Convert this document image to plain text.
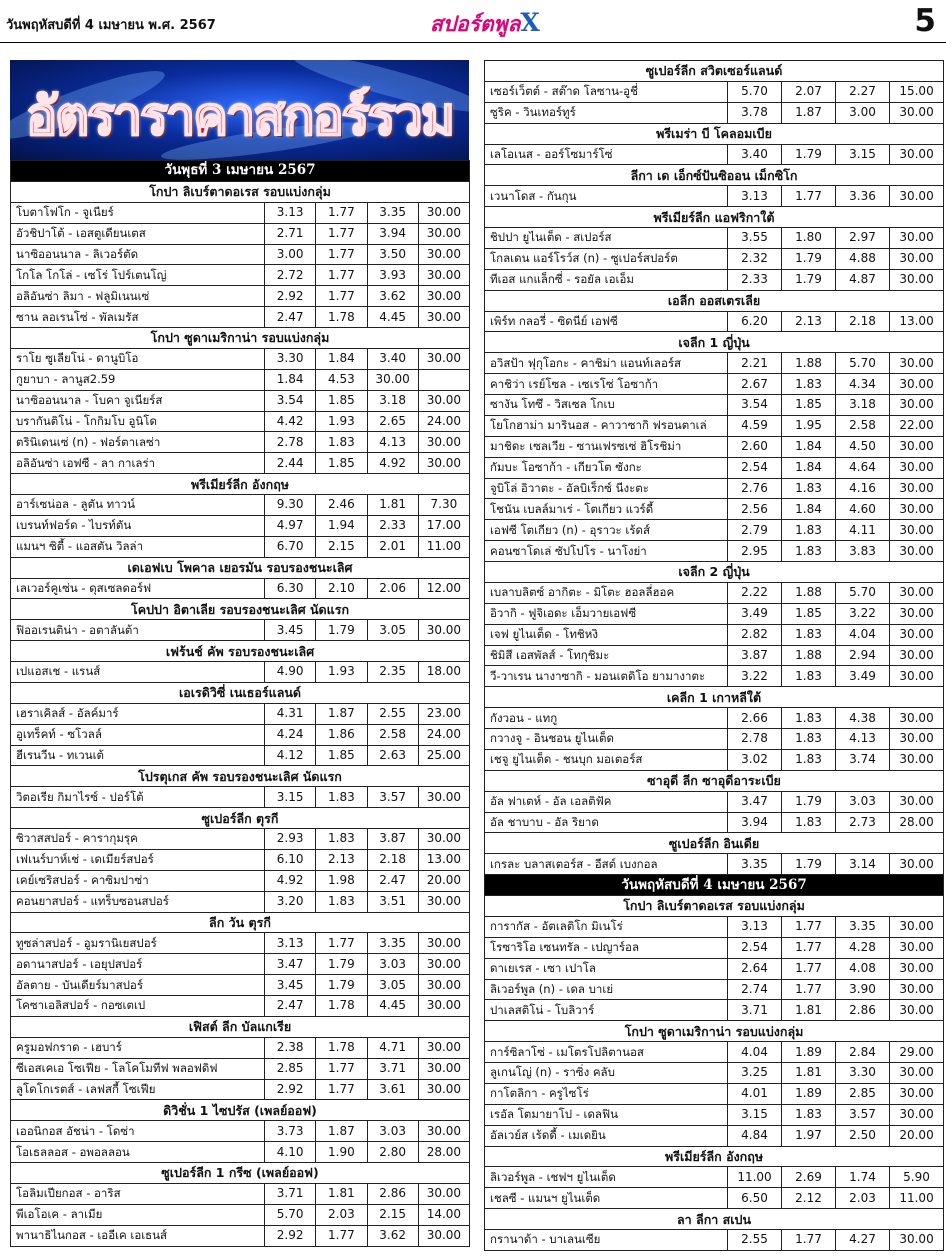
วันพฤหัสบดีที่ 4 เมษายน พ.ศ. 2567	สปอร์ตพูลX	5
อัตราราคาสกอร์รวม
วันพุธที่ 3 เมษายน 2567				
โกปา ลิเบร์ตาดอเรส รอบแบ่งกลุ่ม				
โบตาโฟโก - จูเนียร์	3.13	1.77	3.35	30.00
อัวชิปาโต้ - เอสตูเดียนเตส	2.71	1.77	3.94	30.00
นาซิออนนาล - ลิเวอร์ตัด	3.00	1.77	3.50	30.00
โกโล โกโล่ - เซโร่ โปร์เตนโญ่	2.72	1.77	3.93	30.00
อลิอันซ่า ลิมา - ฟลูมิเนนเซ่	2.92	1.77	3.62	30.00
ซาน ลอเรนโซ่ - พัลเมรัส	2.47	1.78	4.45	30.00
โกปา ซูดาเมริกาน่า รอบแบ่งกลุ่ม				
ราโย ซูเลียโน่ - ดานูบิโอ	3.30	1.84	3.40	30.00
กูยาบา - ลานูส2.59	1.84	4.53	30.00	
นาซิออนนาล - โบคา จูเนียร์ส	3.54	1.85	3.18	30.00
บรากันติโน่ - โกกิมโบ อูนิโด	4.42	1.93	2.65	24.00
ตรินิเดนเซ่ (n) - ฟอร์ตาเลซ่า	2.78	1.83	4.13	30.00
อลิอันซ่า เอฟซี - ลา กาเลร่า	2.44	1.85	4.92	30.00
พรีเมียร์ลีก อังกฤษ				
อาร์เซน่อล - ลูตัน ทาวน์	9.30	2.46	1.81	7.30
เบรนท์ฟอร์ด - ไบรท์ตัน	4.97	1.94	2.33	17.00
แมนฯ ซิตี้ - แอสตัน วิลล่า	6.70	2.15	2.01	11.00
เดเอฟเบ โพคาล เยอรมัน รอบรองชนะเลิศ				
เลเวอร์คูเซ่น - ดุสเซลดอร์ฟ	6.30	2.10	2.06	12.00
โคปปา อิตาเลีย รอบรองชนะเลิศ นัดแรก				
ฟิออเรนติน่า - อตาลันต้า	3.45	1.79	3.05	30.00
เฟร้นช์ คัพ รอบรองชนะเลิศ				
เปแอสเช - แรนส์	4.90	1.93	2.35	18.00
เอเรดิวิซี่ เนเธอร์แลนด์				
เฮราเคิลส์ - อัลค์มาร์	4.31	1.87	2.55	23.00
อูเทร็คท์ - ซโวลล์	4.24	1.86	2.58	24.00
ฮีเรนวีน - ทเวนเต้	4.12	1.85	2.63	25.00
โปรตุเกส คัพ รอบรองชนะเลิศ นัดแรก				
วิตอเรีย กิมาไรซ์ - ปอร์โต้	3.15	1.83	3.57	30.00
ซูเปอร์ลีก ตุรกี				
ซิวาสสปอร์ - คารากุมรุค	2.93	1.83	3.87	30.00
เฟเนร์บาห์เช่ - เดเมียร์สปอร์	6.10	2.13	2.18	13.00
เคย์เซริสปอร์ - คาซิมปาซ่า	4.92	1.98	2.47	20.00
คอนยาสปอร์ - แทร็บซอนสปอร์	3.20	1.83	3.51	30.00
ลีก วัน ตุรกี				
ทูซล่าสปอร์ - อูมรานิเยสปอร์	3.13	1.77	3.35	30.00
อดานาสปอร์ - เอยุปสปอร์	3.47	1.79	3.03	30.00
อัลตาย - บันเดียร์มาสปอร์	3.45	1.79	3.05	30.00
โคซาเอลิสปอร์ - กอซเตเป	2.47	1.78	4.45	30.00
เฟิสต์ ลีก บัลแกเรีย				
ครูมอฟกราด - เฮบาร์	2.38	1.78	4.71	30.00
ซีเอสเคเอ โซเฟีย - โลโคโมทีฟ พลอฟดิฟ	2.85	1.77	3.71	30.00
ลูโดโกเรตส์ - เลฟสกี้ โซเฟีย	2.92	1.77	3.61	30.00
ดิวิชั่น 1 ไซปรัส (เพลย์ออฟ)				
เออนิกอส อัชน่า - โดซ่า	3.73	1.87	3.03	30.00
โอเธลลอส - อพอลลอน	4.10	1.90	2.80	28.00
ซูเปอร์ลีก 1 กรีซ (เพลย์ออฟ)				
โอลิมเปียกอส - อาริส	3.71	1.81	2.86	30.00
พีเอโอเค - ลาเมีย	5.70	2.03	2.15	14.00
พานาธิไนกอส - เออีเค เอเธนส์	2.92	1.77	3.62	30.00
ซูเปอร์ลีก สวิตเซอร์แลนด์				
เซอร์เว็ตต์ - สต๊าด โลซาน-อูชี่	5.70	2.07	2.27	15.00
ซูริค - วินเทอร์ทูร์	3.78	1.87	3.00	30.00
พรีเมร่า บี โคลอมเบีย				
เลโอเนส - ออร์โซมาร์โซ่	3.40	1.79	3.15	30.00
ลีกา เด เอ็กซ์ปันซิออน เม็กซิโก				
เวนาโดส - กันกุน	3.13	1.77	3.36	30.00
พรีเมียร์ลีก แอฟริกาใต้				
ชิปปา ยูไนเต็ด - สเปอร์ส	3.55	1.80	2.97	30.00
โกลเดน แอร์โรว์ส (n) - ซูเปอร์สปอร์ต	2.32	1.79	4.88	30.00
ทีเอส แกแล็กซี่ - รอยัล เอเอ็ม	2.33	1.79	4.87	30.00
เอลีก ออสเตรเลีย				
เพิร์ท กลอรี่ - ซิดนีย์ เอฟซี	6.20	2.13	2.18	13.00
เจลีก 1 ญี่ปุ่น				
อวิสป้า ฟุกุโอกะ - คาชิม่า แอนท์เลอร์ส	2.21	1.88	5.70	30.00
คาชิว่า เรย์โซล - เซเรโซ่ โอซาก้า	2.67	1.83	4.34	30.00
ซางัน โทซึ - วิสเซล โกเบ	3.54	1.85	3.18	30.00
โยโกฮาม่า มารินอส - คาวาซากิ ฟรอนตาเล่	4.59	1.95	2.58	22.00
มาชิดะ เซลเวีย - ซานเฟรซเซ่ ฮิโรชิม่า	2.60	1.84	4.50	30.00
กัมบะ โอซาก้า - เกียวโต ซังกะ	2.54	1.84	4.64	30.00
จูบิโล่ อิวาตะ - อัลบิเร็กซ์ นีงะตะ	2.76	1.83	4.16	30.00
โชนัน เบลล์มาเร่ - โตเกียว แวร์ดี้	2.56	1.84	4.60	30.00
เอฟซี โตเกียว (n) - อุราวะ เร้ดส์	2.79	1.83	4.11	30.00
คอนซาโดเล่ ซัปโปโร - นาโงย่า	2.95	1.83	3.83	30.00
เจลีก 2 ญี่ปุ่น				
เบลาบลิตซ์ อากิตะ - มิโตะ ฮอลลี่ฮอค	2.22	1.88	5.70	30.00
อิวากิ - ฟูจิเอดะ เอ็มวายเอฟซี	3.49	1.85	3.22	30.00
เจฟ ยูไนเต็ด - โทชิหงิ	2.82	1.83	4.04	30.00
ชิมิสึ เอสพัลส์ - โทกุชิมะ	3.87	1.88	2.94	30.00
วี-วาเรน นางาซากิ - มอนเตดิโอ ยามางาตะ	3.22	1.83	3.49	30.00
เคลีก 1 เกาหลีใต้				
กังวอน - แทกู	2.66	1.83	4.38	30.00
กวางจู - อินชอน ยูไนเต็ด	2.78	1.83	4.13	30.00
เชจู ยูไนเต็ด - ชนบุก มอเตอร์ส	3.02	1.83	3.74	30.00
ซาอุดี ลีก ซาอุดีอาระเบีย				
อัล ฟาเตห์ - อัล เอลติฟัค	3.47	1.79	3.03	30.00
อัล ชาบาบ - อัล ริยาด	3.94	1.83	2.73	28.00
ซูเปอร์ลีก อินเดีย				
เกรละ บลาสเตอร์ส - อีสต์ เบงกอล	3.35	1.79	3.14	30.00
วันพฤหัสบดีที่ 4 เมษายน 2567				
โกปา ลิเบร์ตาดอเรส รอบแบ่งกลุ่ม				
การากัส - อัตเลติโก มิเนโร่	3.13	1.77	3.35	30.00
โรซาริโอ เซนทรัล - เปญาร์อล	2.54	1.77	4.28	30.00
ดาเยเรส - เซา เปาโล	2.64	1.77	4.08	30.00
ลิเวอร์พูล (n) - เดล บาเย่	2.74	1.77	3.90	30.00
ปาเลสติโน่ - โบลิวาร์	3.71	1.81	2.86	30.00
โกปา ซูดาเมริกาน่า รอบแบ่งกลุ่ม				
การ์ซิลาโซ่ - เมโตรโปลิตานอส	4.04	1.89	2.84	29.00
ลูเกนโญ่ (n) - ราซิ่ง คลับ	3.25	1.81	3.30	30.00
กาโตลิกา - ครูไซโร่	4.01	1.89	2.85	30.00
เรอัล โตมายาโป - เดลฟิน	3.15	1.83	3.57	30.00
อัลเวย์ส เร้ดดี้ - เมเดยิน	4.84	1.97	2.50	20.00
พรีเมียร์ลีก อังกฤษ				
ลิเวอร์พูล - เชฟฯ ยูไนเต็ด	11.00	2.69	1.74	5.90
เชลซี - แมนฯ ยูไนเต็ด	6.50	2.12	2.03	11.00
ลา ลีกา สเปน				
กรานาด้า - บาเลนเซีย	2.55	1.77	4.27	30.00
